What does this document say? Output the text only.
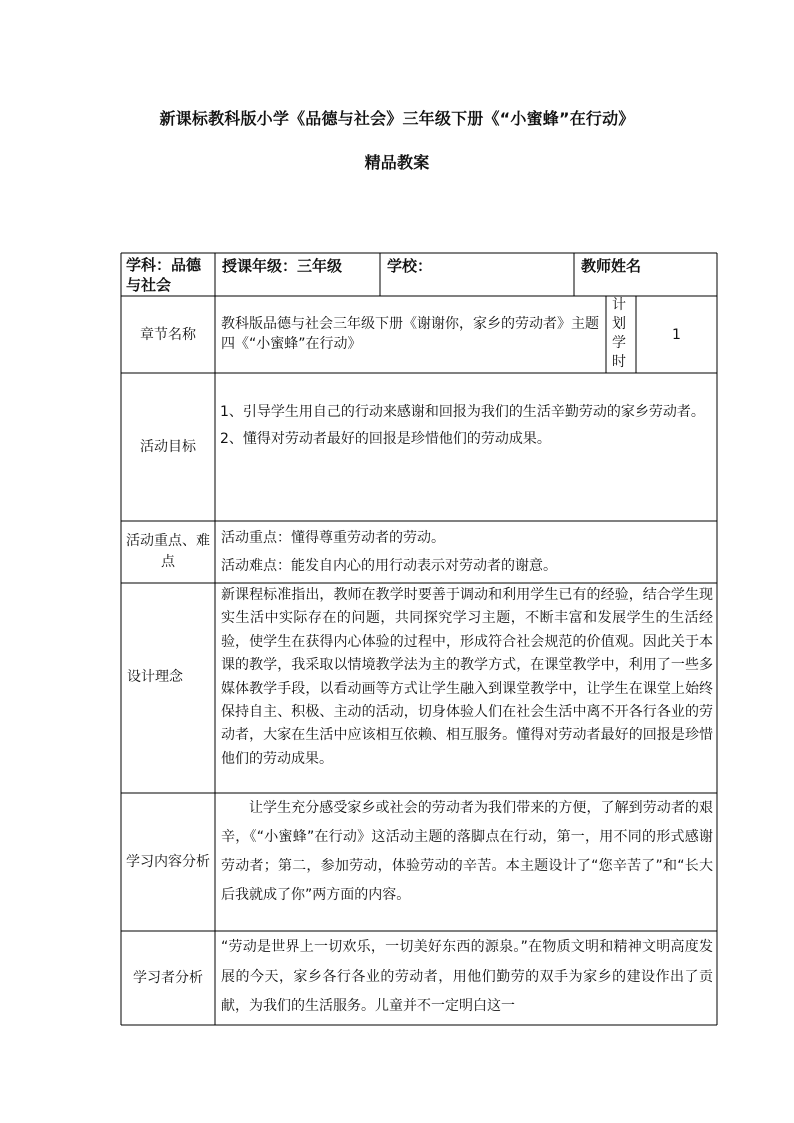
新课标教科版小学《品德与社会》三年级下册《“小蜜蜂”在行动》
精品教案
学科：品德与社会
授课年级：三年级	学校：	教师姓名
章节名称
教科版品德与社会三年级下册《谢谢你，家乡的劳动者》主题四《“小蜜蜂”在行动》
计划学时
1
活动目标

1、引导学生用自己的行动来感谢和回报为我们的生活辛勤劳动的家乡劳动者。

2、懂得对劳动者最好的回报是珍惜他们的劳动成果。

活动重点、难点

活动重点：懂得尊重劳动者的劳动。

活动难点：能发自内心的用行动表示对劳动者的谢意。

设计理念
新课程标准指出，教师在教学时要善于调动和利用学生已有的经验，结合学生现实生活中实际存在的问题，共同探究学习主题，不断丰富和发展学生的生活经验，使学生在获得内心体验的过程中，形成符合社会规范的价值观。因此关于本课的教学，我采取以情境教学法为主的教学方式，在课堂教学中，利用了一些多媒体教学手段，以看动画等方式让学生融入到课堂教学中，让学生在课堂上始终保持自主、积极、主动的活动，切身体验人们在社会生活中离不开各行各业的劳动者，大家在生活中应该相互依赖、相互服务。懂得对劳动者最好的回报是珍惜他们的劳动成果。
学习内容分析
让学生充分感受家乡或社会的劳动者为我们带来的方便，了解到劳动者的艰辛，《“小蜜蜂”在行动》这活动主题的落脚点在行动，第一，用不同的形式感谢劳动者；第二，参加劳动，体验劳动的辛苦。本主题设计了“您辛苦了”和“长大后我就成了你”两方面的内容。
学习者分析
“劳动是世界上一切欢乐，一切美好东西的源泉。”在物质文明和精神文明高度发展的今天，家乡各行各业的劳动者，用他们勤劳的双手为家乡的建设作出了贡献，为我们的生活服务。儿童并不一定明白这一
